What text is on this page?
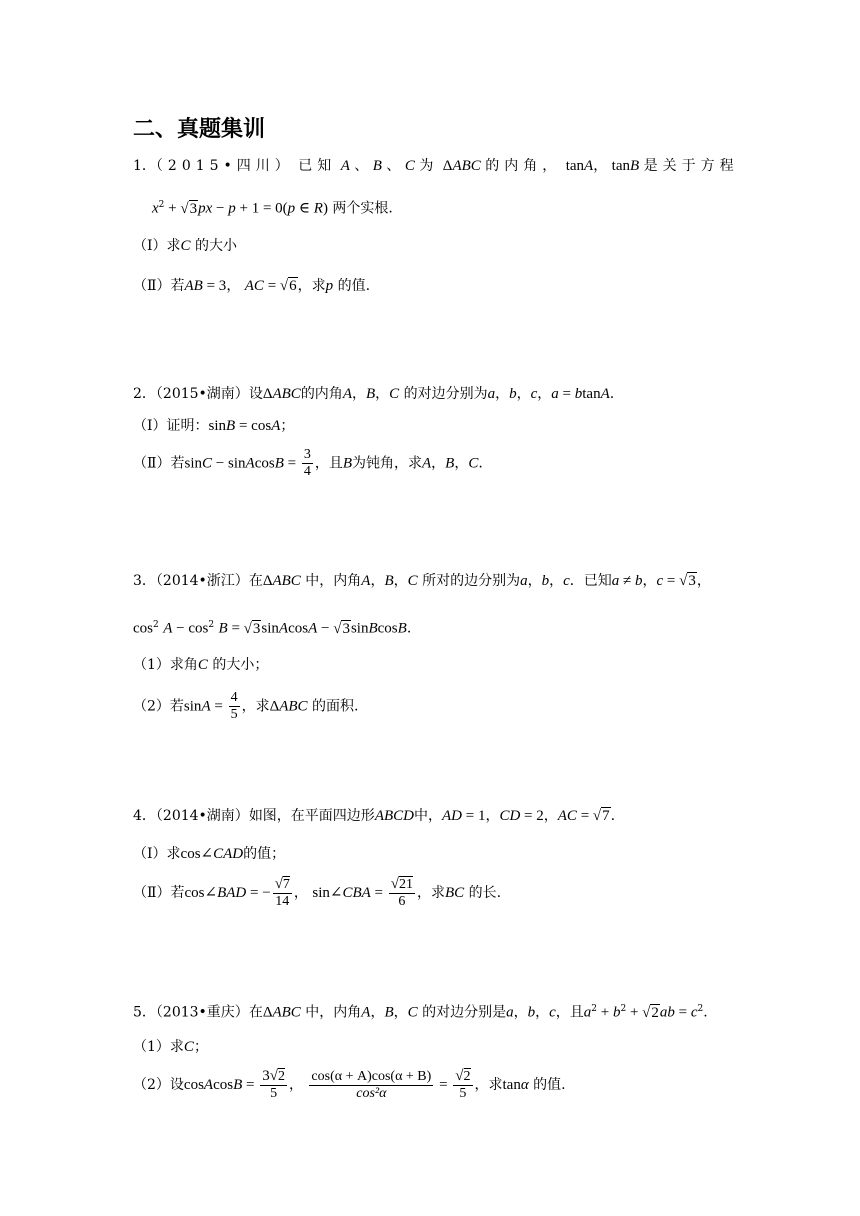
二、真题集训
1．（2015•四川） 已知 A 、 B 、 C 为 ΔABC 的内角， tanA， tanB 是关于方程
$x^2 + √3px - p + 1 = 0(p$ ∈ R) 两个实根.
（Ⅰ）求C 的大小
（Ⅱ）若AB = 3， AC = √6，求p 的值.
2．（2015•湖南）设ΔABC的内角A，B，C 的对边分别为a，b，c，a = btanA.
（Ⅰ）证明：sinB = cosA；
（Ⅱ）若sinC − sinAcosB = $\frac{3}{4}$ ，且B为钝角，求A，B，C.
3．（2014•浙江）在ΔABC 中，内角A，B，C 所对的边分别为a，b，c．已知a ≠ b，c = √3，
$\cos^2 A - \cos^2 B$ = √3sinAcosA − √3sinBcosB.
（1）求角C 的大小；
（2）若$\sin A = \frac{4}{5}$ ，求ΔABC 的面积.
4．（2014•湖南）如图，在平面四边形ABCD中，AD = 1，CD = 2，AC = √7.
（Ⅰ）求cos∠CAD的值；
（Ⅱ）若cos∠BAD = − $\frac{√7}{14}$ ， sin∠CBA = $\frac{√21}{6}$ ，求BC 的长.
5．（2013•重庆）在ΔABC 中，内角A，B，C 的对边分别是a，b，c，且$a^2 + b^2 + √2ab = c^2$.
（1）求C；
（2）设cosAcosB = $\frac{3√2}{5}$ ， $\frac{\cos(\alpha + A)\cos(\alpha + B)}{\text{cos²α}} = \frac{√2}{5}$ ，求tanα 的值.
